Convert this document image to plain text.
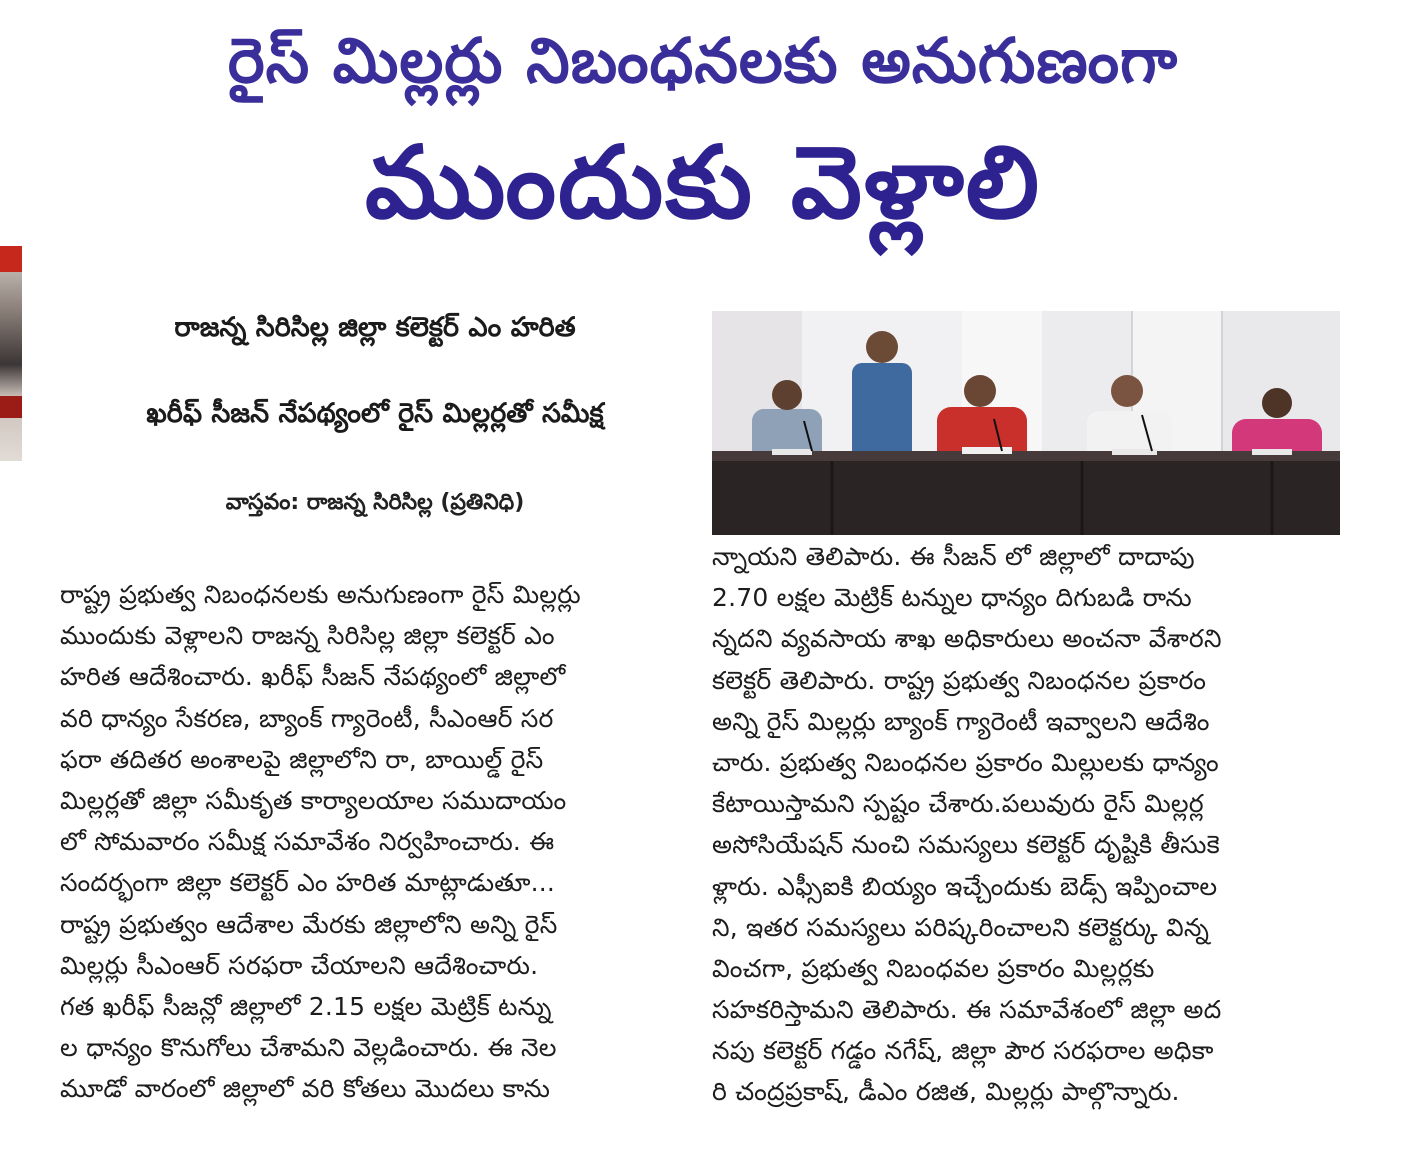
రైస్ మిల్లర్లు నిబంధనలకు అనుగుణంగా
ముందుకు వెళ్లాలి
రాజన్న సిరిసిల్ల జిల్లా కలెక్టర్ ఎం హరిత
ఖరీఫ్ సీజన్ నేపథ్యంలో రైస్ మిల్లర్లతో సమీక్ష
వాస్తవం: రాజన్న సిరిసిల్ల (ప్రతినిధి)
రాష్ట్ర ప్రభుత్వ నిబంధనలకు అనుగుణంగా రైస్ మిల్లర్లు
ముందుకు వెళ్లాలని రాజన్న సిరిసిల్ల జిల్లా కలెక్టర్ ఎం
హరిత ఆదేశించారు. ఖరీఫ్ సీజన్ నేపథ్యంలో జిల్లాలో
వరి ధాన్యం సేకరణ, బ్యాంక్ గ్యారెంటీ, సీఎంఆర్ సర
ఫరా తదితర అంశాలపై జిల్లాలోని రా, బాయిల్డ్ రైస్
మిల్లర్లతో జిల్లా సమీకృత కార్యాలయాల సముదాయం
లో సోమవారం సమీక్ష సమావేశం నిర్వహించారు. ఈ
సందర్భంగా జిల్లా కలెక్టర్ ఎం హరిత మాట్లాడుతూ...
రాష్ట్ర ప్రభుత్వం ఆదేశాల మేరకు జిల్లాలోని అన్ని రైస్
మిల్లర్లు సీఎంఆర్ సరఫరా చేయాలని ఆదేశించారు.
గత ఖరీఫ్ సీజన్లో జిల్లాలో 2.15 లక్షల మెట్రిక్ టన్ను
ల ధాన్యం కొనుగోలు చేశామని వెల్లడించారు. ఈ నెల
మూడో వారంలో జిల్లాలో వరి కోతలు మొదలు కాను
న్నాయని తెలిపారు. ఈ సీజన్ లో జిల్లాలో దాదాపు
2.70 లక్షల మెట్రిక్ టన్నుల ధాన్యం దిగుబడి రాను
న్నదని వ్యవసాయ శాఖ అధికారులు అంచనా వేశారని
కలెక్టర్ తెలిపారు. రాష్ట్ర ప్రభుత్వ నిబంధనల ప్రకారం
అన్ని రైస్ మిల్లర్లు బ్యాంక్ గ్యారెంటీ ఇవ్వాలని ఆదేశిం
చారు. ప్రభుత్వ నిబంధనల ప్రకారం మిల్లులకు ధాన్యం
కేటాయిస్తామని స్పష్టం చేశారు.పలువురు రైస్ మిల్లర్ల
అసోసియేషన్ నుంచి సమస్యలు కలెక్టర్ దృష్టికి తీసుకె
ళ్లారు. ఎఫ్సీఐకి బియ్యం ఇచ్చేందుకు బెడ్స్ ఇప్పించాల
ని, ఇతర సమస్యలు పరిష్కరించాలని కలెక్టర్కు విన్న
వించగా, ప్రభుత్వ నిబంధవల ప్రకారం మిల్లర్లకు
సహకరిస్తామని తెలిపారు. ఈ సమావేశంలో జిల్లా అద
నపు కలెక్టర్ గడ్డం నగేష్, జిల్లా పౌర సరఫరాల అధికా
రి చంద్రప్రకాష్, డీఎం రజిత, మిల్లర్లు పాల్గొన్నారు.
